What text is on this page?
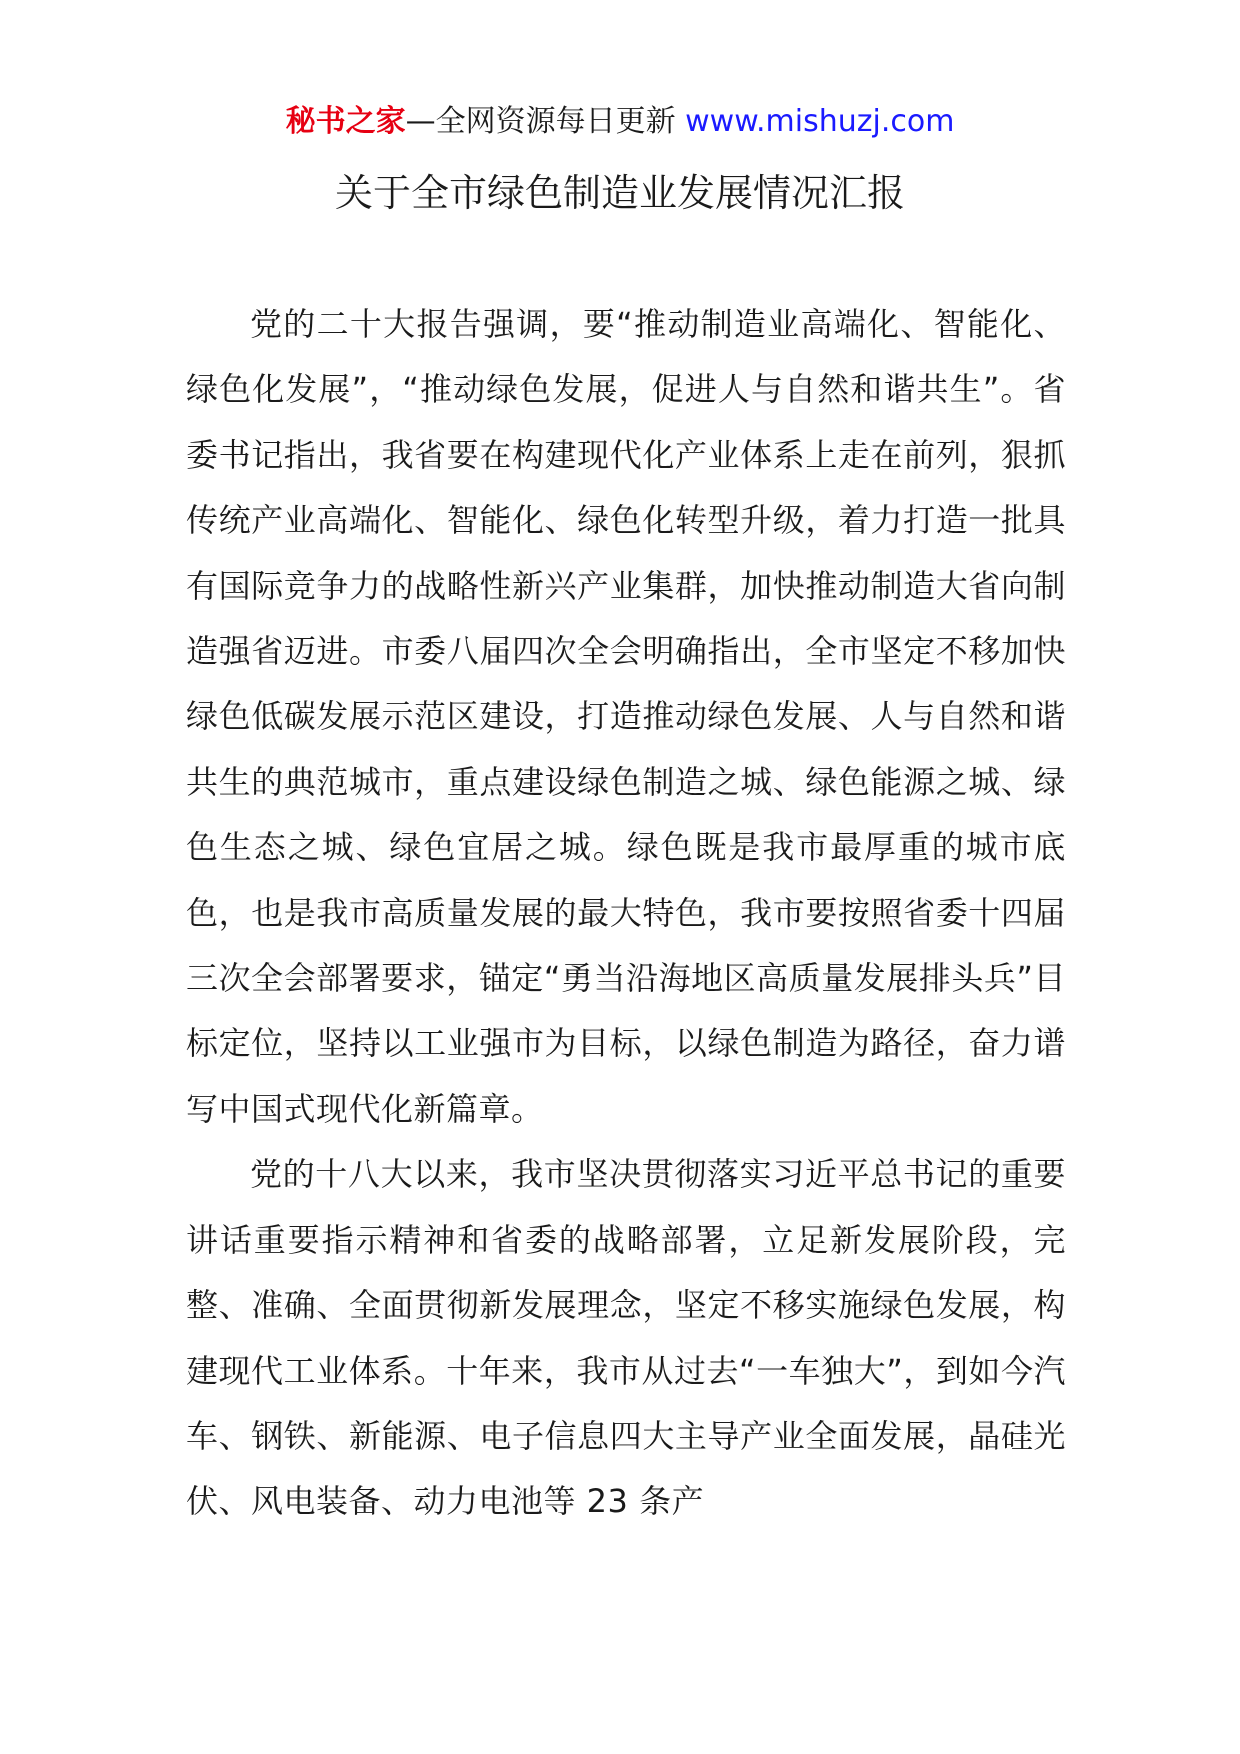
秘书之家—全网资源每日更新 www.mishuzj.com
关于全市绿色制造业发展情况汇报

党的二十大报告强调，要“推动制造业高端化、智能化、绿色化发展”，“推动绿色发展，促进人与自然和谐共生”。省委书记指出，我省要在构建现代化产业体系上走在前列，狠抓传统产业高端化、智能化、绿色化转型升级，着力打造一批具有国际竞争力的战略性新兴产业集群，加快推动制造大省向制造强省迈进。市委八届四次全会明确指出，全市坚定不移加快绿色低碳发展示范区建设，打造推动绿色发展、人与自然和谐共生的典范城市，重点建设绿色制造之城、绿色能源之城、绿色生态之城、绿色宜居之城。绿色既是我市最厚重的城市底色，也是我市高质量发展的最大特色，我市要按照省委十四届三次全会部署要求，锚定“勇当沿海地区高质量发展排头兵”目标定位，坚持以工业强市为目标，以绿色制造为路径，奋力谱写中国式现代化新篇章。

党的十八大以来，我市坚决贯彻落实习近平总书记的重要讲话重要指示精神和省委的战略部署，立足新发展阶段，完整、准确、全面贯彻新发展理念，坚定不移实施绿色发展，构建现代工业体系。十年来，我市从过去“一车独大”，到如今汽车、钢铁、新能源、电子信息四大主导产业全面发展，晶硅光伏、风电装备、动力电池等 23 条产
